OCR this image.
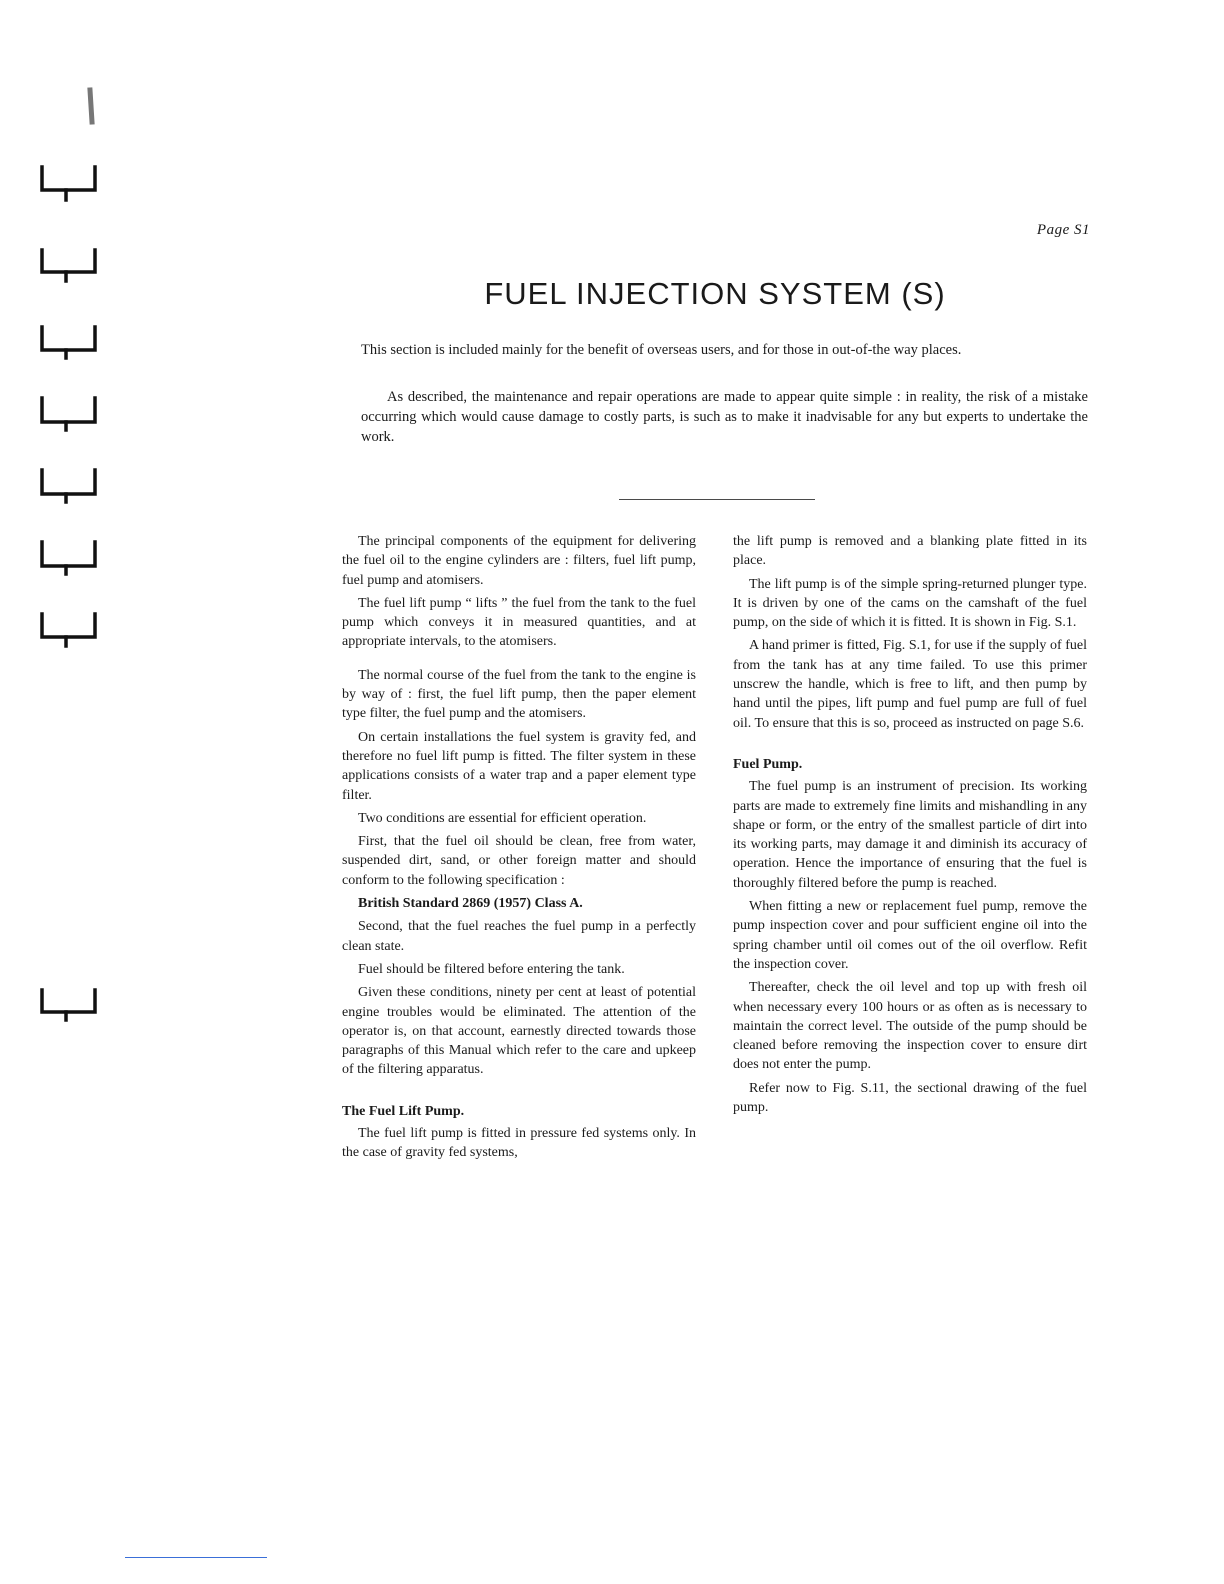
Page S1

FUEL INJECTION SYSTEM (S)

This section is included mainly for the benefit of overseas users, and for those in out-of-the way places.

As described, the maintenance and repair operations are made to appear quite simple : in reality, the risk of a mistake occurring which would cause damage to costly parts, is such as to make it inadvisable for any but experts to undertake the work.

The principal components of the equipment for delivering the fuel oil to the engine cylinders are : filters, fuel lift pump, fuel pump and atomisers.

The fuel lift pump “ lifts ” the fuel from the tank to the fuel pump which conveys it in measured quantities, and at appropriate intervals, to the atomisers.

The normal course of the fuel from the tank to the engine is by way of : first, the fuel lift pump, then the paper element type filter, the fuel pump and the atomisers.

On certain installations the fuel system is gravity fed, and therefore no fuel lift pump is fitted. The filter system in these applications consists of a water trap and a paper element type filter.

Two conditions are essential for efficient operation.

First, that the fuel oil should be clean, free from water, suspended dirt, sand, or other foreign matter and should conform to the following specification :

British Standard 2869 (1957) Class A.

Second, that the fuel reaches the fuel pump in a perfectly clean state.

Fuel should be filtered before entering the tank.

Given these conditions, ninety per cent at least of potential engine troubles would be eliminated. The attention of the operator is, on that account, earnestly directed towards those paragraphs of this Manual which refer to the care and upkeep of the filtering apparatus.

The Fuel Lift Pump.

The fuel lift pump is fitted in pressure fed systems only. In the case of gravity fed systems,

the lift pump is removed and a blanking plate fitted in its place.

The lift pump is of the simple spring-returned plunger type. It is driven by one of the cams on the camshaft of the fuel pump, on the side of which it is fitted. It is shown in Fig. S.1.

A hand primer is fitted, Fig. S.1, for use if the supply of fuel from the tank has at any time failed. To use this primer unscrew the handle, which is free to lift, and then pump by hand until the pipes, lift pump and fuel pump are full of fuel oil. To ensure that this is so, proceed as instructed on page S.6.

Fuel Pump.

The fuel pump is an instrument of precision. Its working parts are made to extremely fine limits and mishandling in any shape or form, or the entry of the smallest particle of dirt into its working parts, may damage it and diminish its accuracy of operation. Hence the importance of ensuring that the fuel is thoroughly filtered before the pump is reached.

When fitting a new or replacement fuel pump, remove the pump inspection cover and pour sufficient engine oil into the spring chamber until oil comes out of the oil overflow. Refit the inspection cover.

Thereafter, check the oil level and top up with fresh oil when necessary every 100 hours or as often as is necessary to maintain the correct level. The outside of the pump should be cleaned before removing the inspection cover to ensure dirt does not enter the pump.

Refer now to Fig. S.11, the sectional drawing of the fuel pump.
